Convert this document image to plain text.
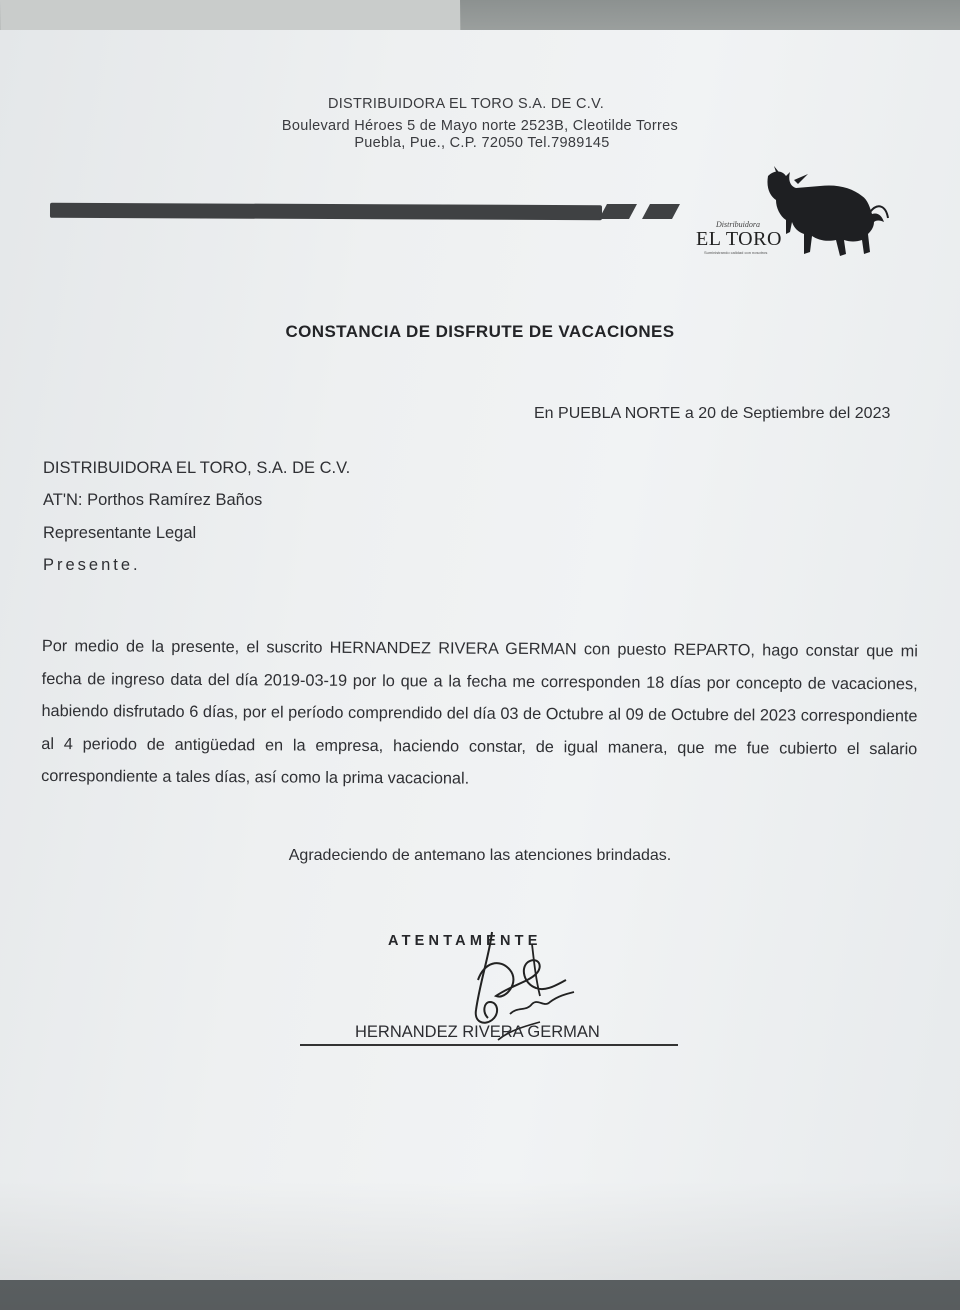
DISTRIBUIDORA EL TORO S.A. DE C.V.
Boulevard Héroes 5 de Mayo norte 2523B, Cleotilde Torres
Puebla, Pue., C.P. 72050 Tel.7989145
Distribuidora
EL TORO
Suministrando calidad con nosotros
CONSTANCIA DE DISFRUTE DE VACACIONES
En PUEBLA NORTE a 20 de Septiembre del 2023
DISTRIBUIDORA EL TORO, S.A. DE C.V.
AT'N: Porthos Ramírez Baños
Representante Legal
Presente.
Por medio de la presente, el suscrito HERNANDEZ RIVERA GERMAN con puesto REPARTO, hago constar que mi fecha de ingreso data del día 2019-03-19 por lo que a la fecha me corresponden 18 días por concepto de vacaciones, habiendo disfrutado 6 días, por el período comprendido del día 03 de Octubre al 09 de Octubre del 2023 correspondiente al 4 periodo de antigüedad en la empresa, haciendo constar, de igual manera, que me fue cubierto el salario correspondiente a tales días, así como la prima vacacional.
Agradeciendo de antemano las atenciones brindadas.
ATENTAMENTE
HERNANDEZ RIVERA GERMAN
